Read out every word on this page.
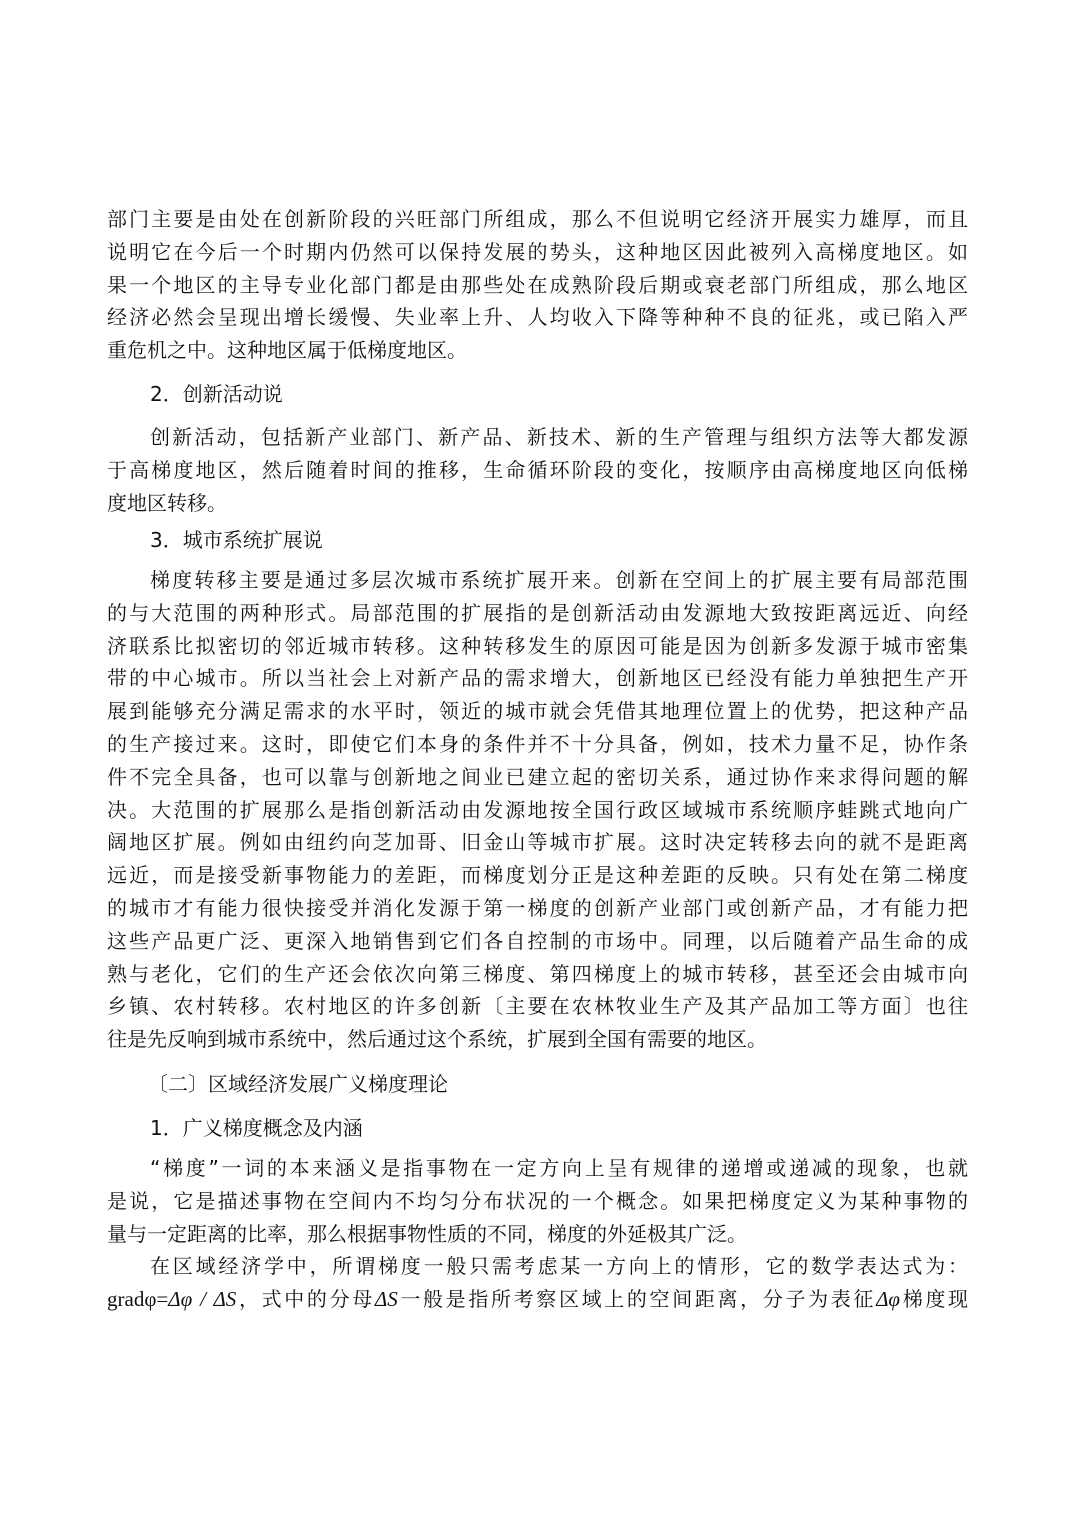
部门主要是由处在创新阶段的兴旺部门所组成，那么不但说明它经济开展实力雄厚，而且
说明它在今后一个时期内仍然可以保持发展的势头，这种地区因此被列入高梯度地区。如
果一个地区的主导专业化部门都是由那些处在成熟阶段后期或衰老部门所组成，那么地区
经济必然会呈现出增长缓慢、失业率上升、人均收入下降等种种不良的征兆，或已陷入严
重危机之中。这种地区属于低梯度地区。
2．创新活动说
创新活动，包括新产业部门、新产品、新技术、新的生产管理与组织方法等大都发源
于高梯度地区，然后随着时间的推移，生命循环阶段的变化，按顺序由高梯度地区向低梯
度地区转移。
3．城市系统扩展说
梯度转移主要是通过多层次城市系统扩展开来。创新在空间上的扩展主要有局部范围
的与大范围的两种形式。局部范围的扩展指的是创新活动由发源地大致按距离远近、向经
济联系比拟密切的邻近城市转移。这种转移发生的原因可能是因为创新多发源于城市密集
带的中心城市。所以当社会上对新产品的需求增大，创新地区已经没有能力单独把生产开
展到能够充分满足需求的水平时，领近的城市就会凭借其地理位置上的优势，把这种产品
的生产接过来。这时，即使它们本身的条件并不十分具备，例如，技术力量不足，协作条
件不完全具备，也可以靠与创新地之间业已建立起的密切关系，通过协作来求得问题的解
决。大范围的扩展那么是指创新活动由发源地按全国行政区域城市系统顺序蛙跳式地向广
阔地区扩展。例如由纽约向芝加哥、旧金山等城市扩展。这时决定转移去向的就不是距离
远近，而是接受新事物能力的差距，而梯度划分正是这种差距的反映。只有处在第二梯度
的城市才有能力很快接受并消化发源于第一梯度的创新产业部门或创新产品，才有能力把
这些产品更广泛、更深入地销售到它们各自控制的市场中。同理，以后随着产品生命的成
熟与老化，它们的生产还会依次向第三梯度、第四梯度上的城市转移，甚至还会由城市向
乡镇、农村转移。农村地区的许多创新〔主要在农林牧业生产及其产品加工等方面〕也往
往是先反响到城市系统中，然后通过这个系统，扩展到全国有需要的地区。
〔二〕区域经济发展广义梯度理论
1．广义梯度概念及内涵
“梯度”一词的本来涵义是指事物在一定方向上呈有规律的递增或递减的现象，也就
是说，它是描述事物在空间内不均匀分布状况的一个概念。如果把梯度定义为某种事物的
量与一定距离的比率，那么根据事物性质的不同，梯度的外延极其广泛。
在区域经济学中，所谓梯度一般只需考虑某一方向上的情形，它的数学表达式为：
gradφ=Δφ / ΔS，式中的分母ΔS一般是指所考察区域上的空间距离，分子为表征Δφ梯度现
